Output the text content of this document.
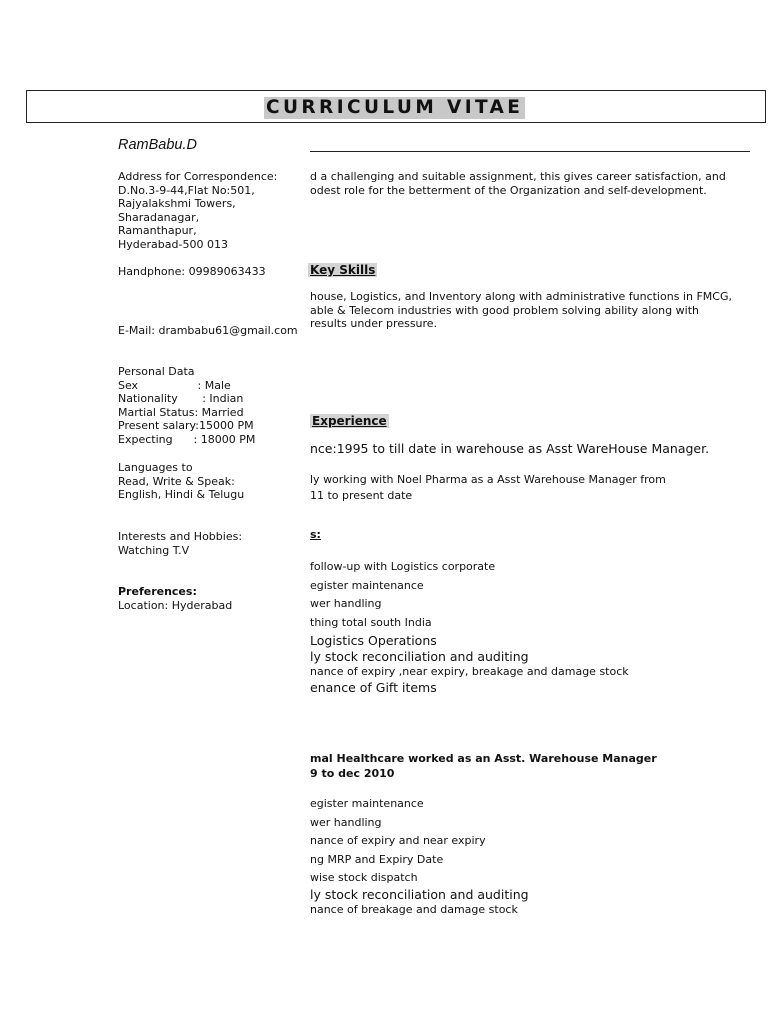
CURRICULUM VITAE
RamBabu.D

Address for Correspondence:

D.No.3-9-44,Flat No:501,

Rajyalakshmi Towers,

Sharadanagar,

Ramanthapur,

Hyderabad-500 013

Handphone: 09989063433
E-Mail: drambabu61@gmail.com

Personal Data

Sex                 : Male

Nationality       : Indian

Martial Status: Married

Present salary:15000 PM

Expecting      : 18000 PM

Languages to

Read, Write & Speak:

English, Hindi & Telugu

Interests and Hobbies:

Watching T.V

Preferences:

Location: Hyderabad

d a challenging and suitable assignment, this gives career satisfaction, and

odest role for the betterment of the Organization and self-development.

Key Skills

house, Logistics, and Inventory along with administrative functions in FMCG,

able & Telecom industries with good problem solving ability along with

results under pressure.

Experience
nce:1995 to till date in warehouse as Asst WareHouse Manager.
ly working with Noel Pharma as a Asst Warehouse Manager from
11 to present date
s:
follow-up with Logistics corporate
egister maintenance
wer handling
thing total south India
Logistics Operations
ly stock reconciliation and auditing
nance of expiry ,near expiry, breakage and damage stock
enance of Gift items
mal Healthcare worked as an Asst. Warehouse Manager
9 to dec 2010
egister maintenance
wer handling
nance of expiry and near expiry
ng MRP and Expiry Date
wise stock dispatch
ly stock reconciliation and auditing
nance of breakage and damage stock
